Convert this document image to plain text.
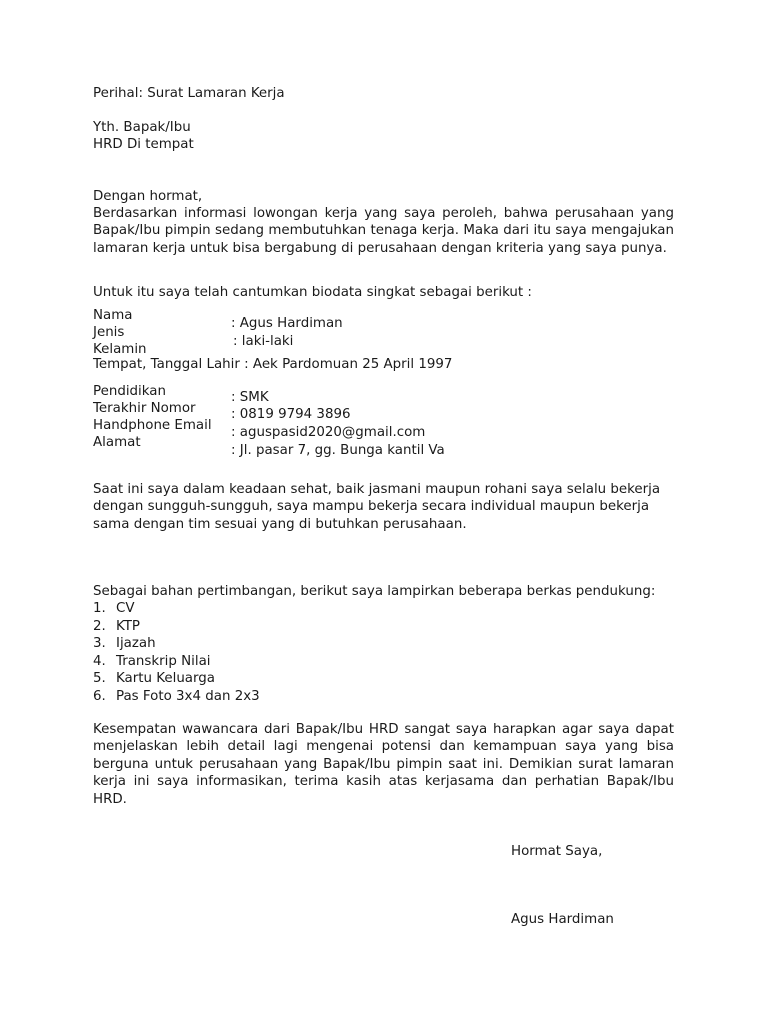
Perihal: Surat Lamaran Kerja
Yth. Bapak/Ibu
HRD Di tempat
Dengan hormat,
Berdasarkan informasi lowongan kerja yang saya peroleh, bahwa perusahaan yang Bapak/Ibu pimpin sedang membutuhkan tenaga kerja. Maka dari itu saya mengajukan lamaran kerja untuk bisa bergabung di perusahaan dengan kriteria yang saya punya.
Untuk itu saya telah cantumkan biodata singkat sebagai berikut :
Nama
Jenis
Kelamin
: Agus Hardiman
: laki-laki
Tempat, Tanggal Lahir : Aek Pardomuan 25 April 1997
Pendidikan
Terakhir Nomor
Handphone Email
Alamat
: SMK
: 0819 9794 3896
: aguspasid2020@gmail.com
: Jl. pasar 7, gg. Bunga kantil Va
Saat ini saya dalam keadaan sehat, baik jasmani maupun rohani saya selalu bekerja dengan sungguh-sungguh, saya mampu bekerja secara individual maupun bekerja sama dengan tim sesuai yang di butuhkan perusahaan.
Sebagai bahan pertimbangan, berikut saya lampirkan beberapa berkas pendukung:
1. CV
2. KTP
3. Ijazah
4. Transkrip Nilai
5. Kartu Keluarga
6. Pas Foto 3x4 dan 2x3
Kesempatan wawancara dari Bapak/Ibu HRD sangat saya harapkan agar saya dapat menjelaskan lebih detail lagi mengenai potensi dan kemampuan saya yang bisa berguna untuk perusahaan yang Bapak/Ibu pimpin saat ini. Demikian surat lamaran kerja ini saya informasikan, terima kasih atas kerjasama dan perhatian Bapak/Ibu HRD.
Hormat Saya,
Agus Hardiman
